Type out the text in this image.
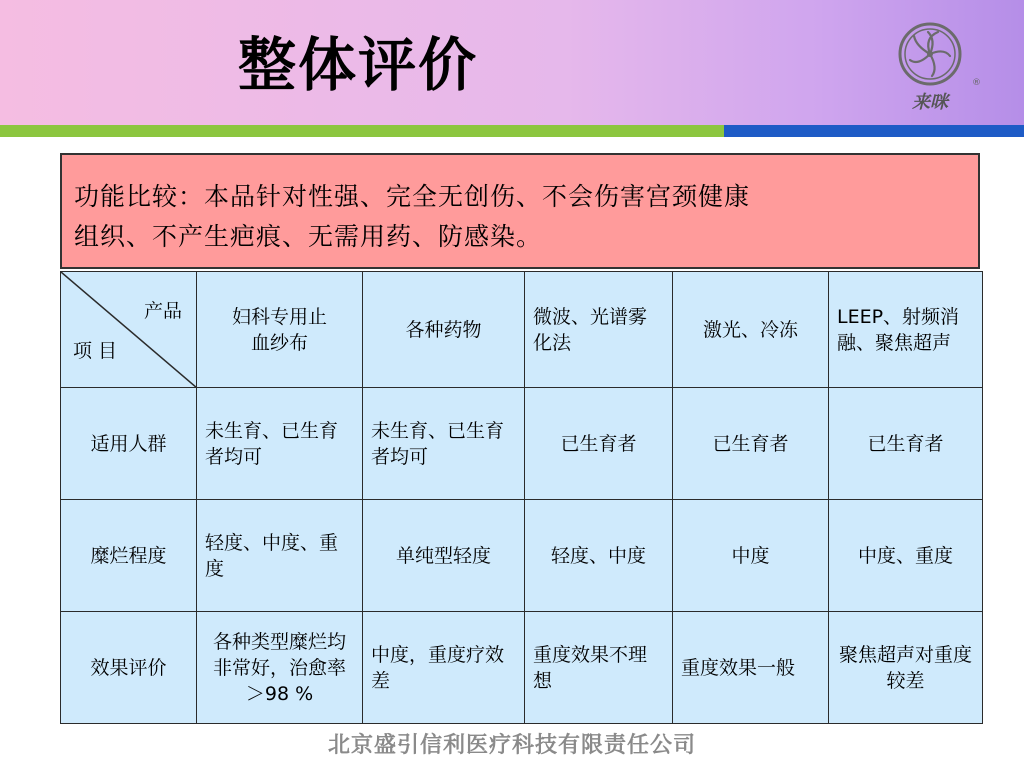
整体评价
来咪
®
功能比较：本品针对性强、完全无创伤、不会伤害宫颈健康
组织、不产生疤痕、无需用药、防感染。
产品
项目	妇科专用止血纱布	各种药物	微波、光谱雾化法	激光、冷冻	LEEP、射频消融、聚焦超声
适用人群	未生育、已生育者均可	未生育、已生育者均可	已生育者	已生育者	已生育者
糜烂程度	轻度、中度、重度	单纯型轻度	轻度、中度	中度	中度、重度
效果评价	各种类型糜烂均非常好，治愈率＞98 %	中度，重度疗效差	重度效果不理想	重度效果一般	聚焦超声对重度较差
北京盛引信利医疗科技有限责任公司
